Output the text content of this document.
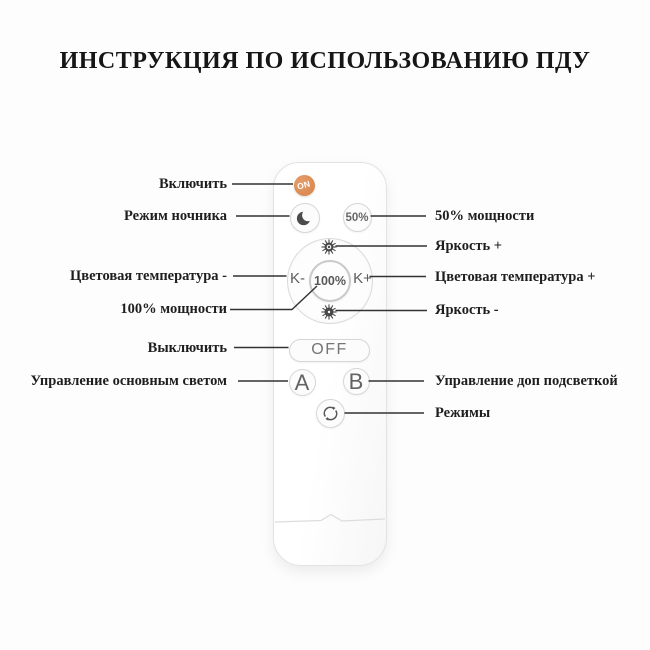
ИНСТРУКЦИЯ ПО ИСПОЛЬЗОВАНИЮ ПДУ
Включить
Режим ночника
Цветовая температура -
100% мощности
Выключить
Управление основным светом
50% мощности
Яркость +
Цветовая температура +
Яркость -
Управление доп подсветкой
Режимы
ON
50%
K-	K+
100%
OFF
A B
